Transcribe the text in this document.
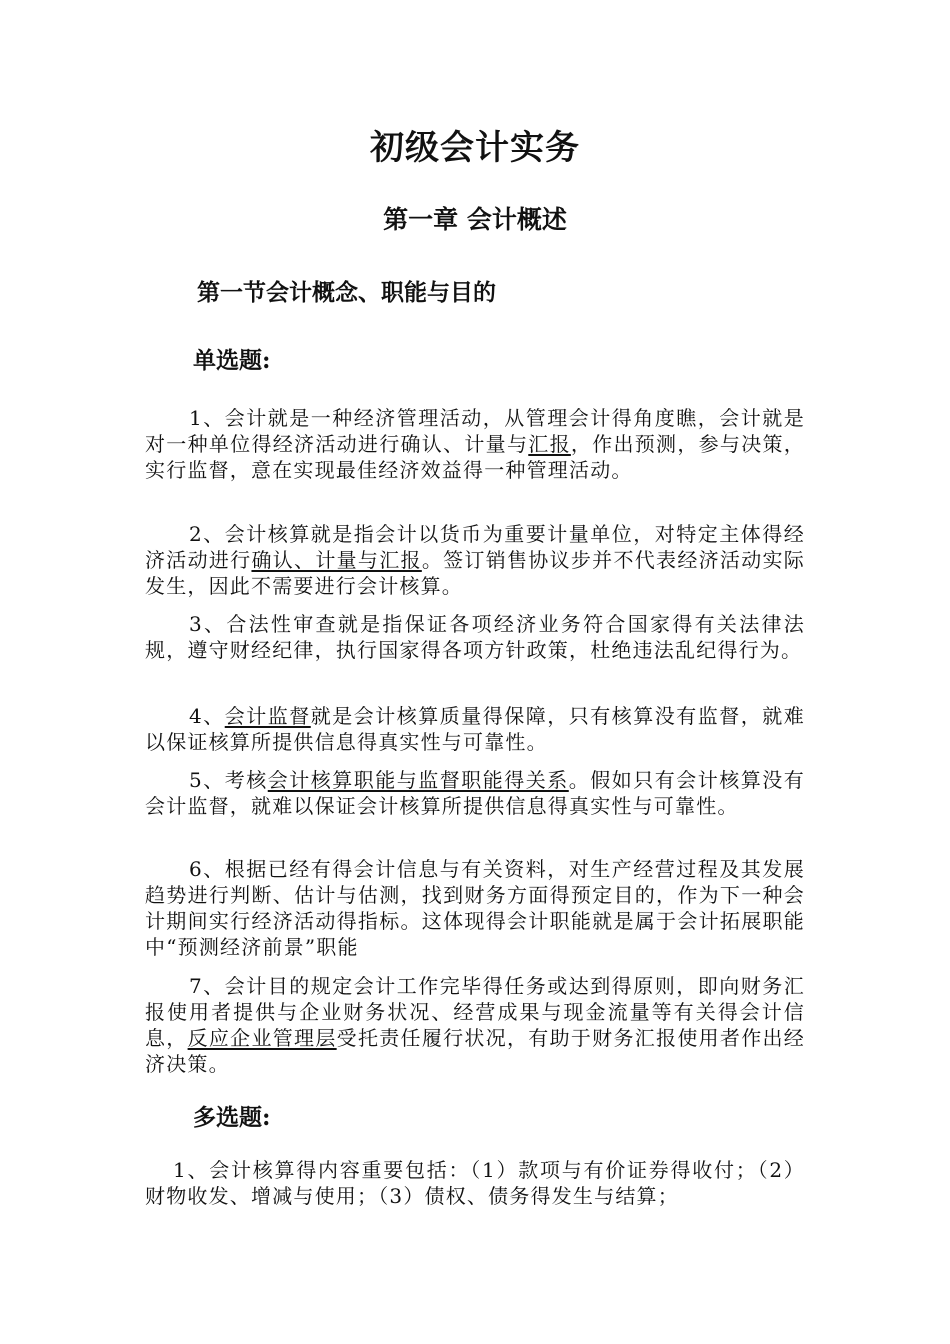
初级会计实务
第一章 会计概述
第一节会计概念、职能与目的
单选题:
1、会计就是一种经济管理活动，从管理会计得角度瞧，会计就是对一种单位得经济活动进行确认、计量与汇报，作出预测，参与决策，实行监督，意在实现最佳经济效益得一种管理活动。
2、会计核算就是指会计以货币为重要计量单位，对特定主体得经济活动进行确认、计量与汇报。签订销售协议步并不代表经济活动实际发生，因此不需要进行会计核算。
3、合法性审查就是指保证各项经济业务符合国家得有关法律法规，遵守财经纪律，执行国家得各项方针政策，杜绝违法乱纪得行为。
4、会计监督就是会计核算质量得保障，只有核算没有监督，就难以保证核算所提供信息得真实性与可靠性。
5、考核会计核算职能与监督职能得关系。假如只有会计核算没有会计监督，就难以保证会计核算所提供信息得真实性与可靠性。
6、根据已经有得会计信息与有关资料，对生产经营过程及其发展趋势进行判断、估计与估测，找到财务方面得预定目的，作为下一种会计期间实行经济活动得指标。这体现得会计职能就是属于会计拓展职能中“预测经济前景”职能
7、会计目的规定会计工作完毕得任务或达到得原则，即向财务汇报使用者提供与企业财务状况、经营成果与现金流量等有关得会计信息，反应企业管理层受托责任履行状况，有助于财务汇报使用者作出经济决策。
多选题:
1、会计核算得内容重要包括：（1）款项与有价证券得收付；（2）财物收发、增减与使用；（3）债权、债务得发生与结算；
